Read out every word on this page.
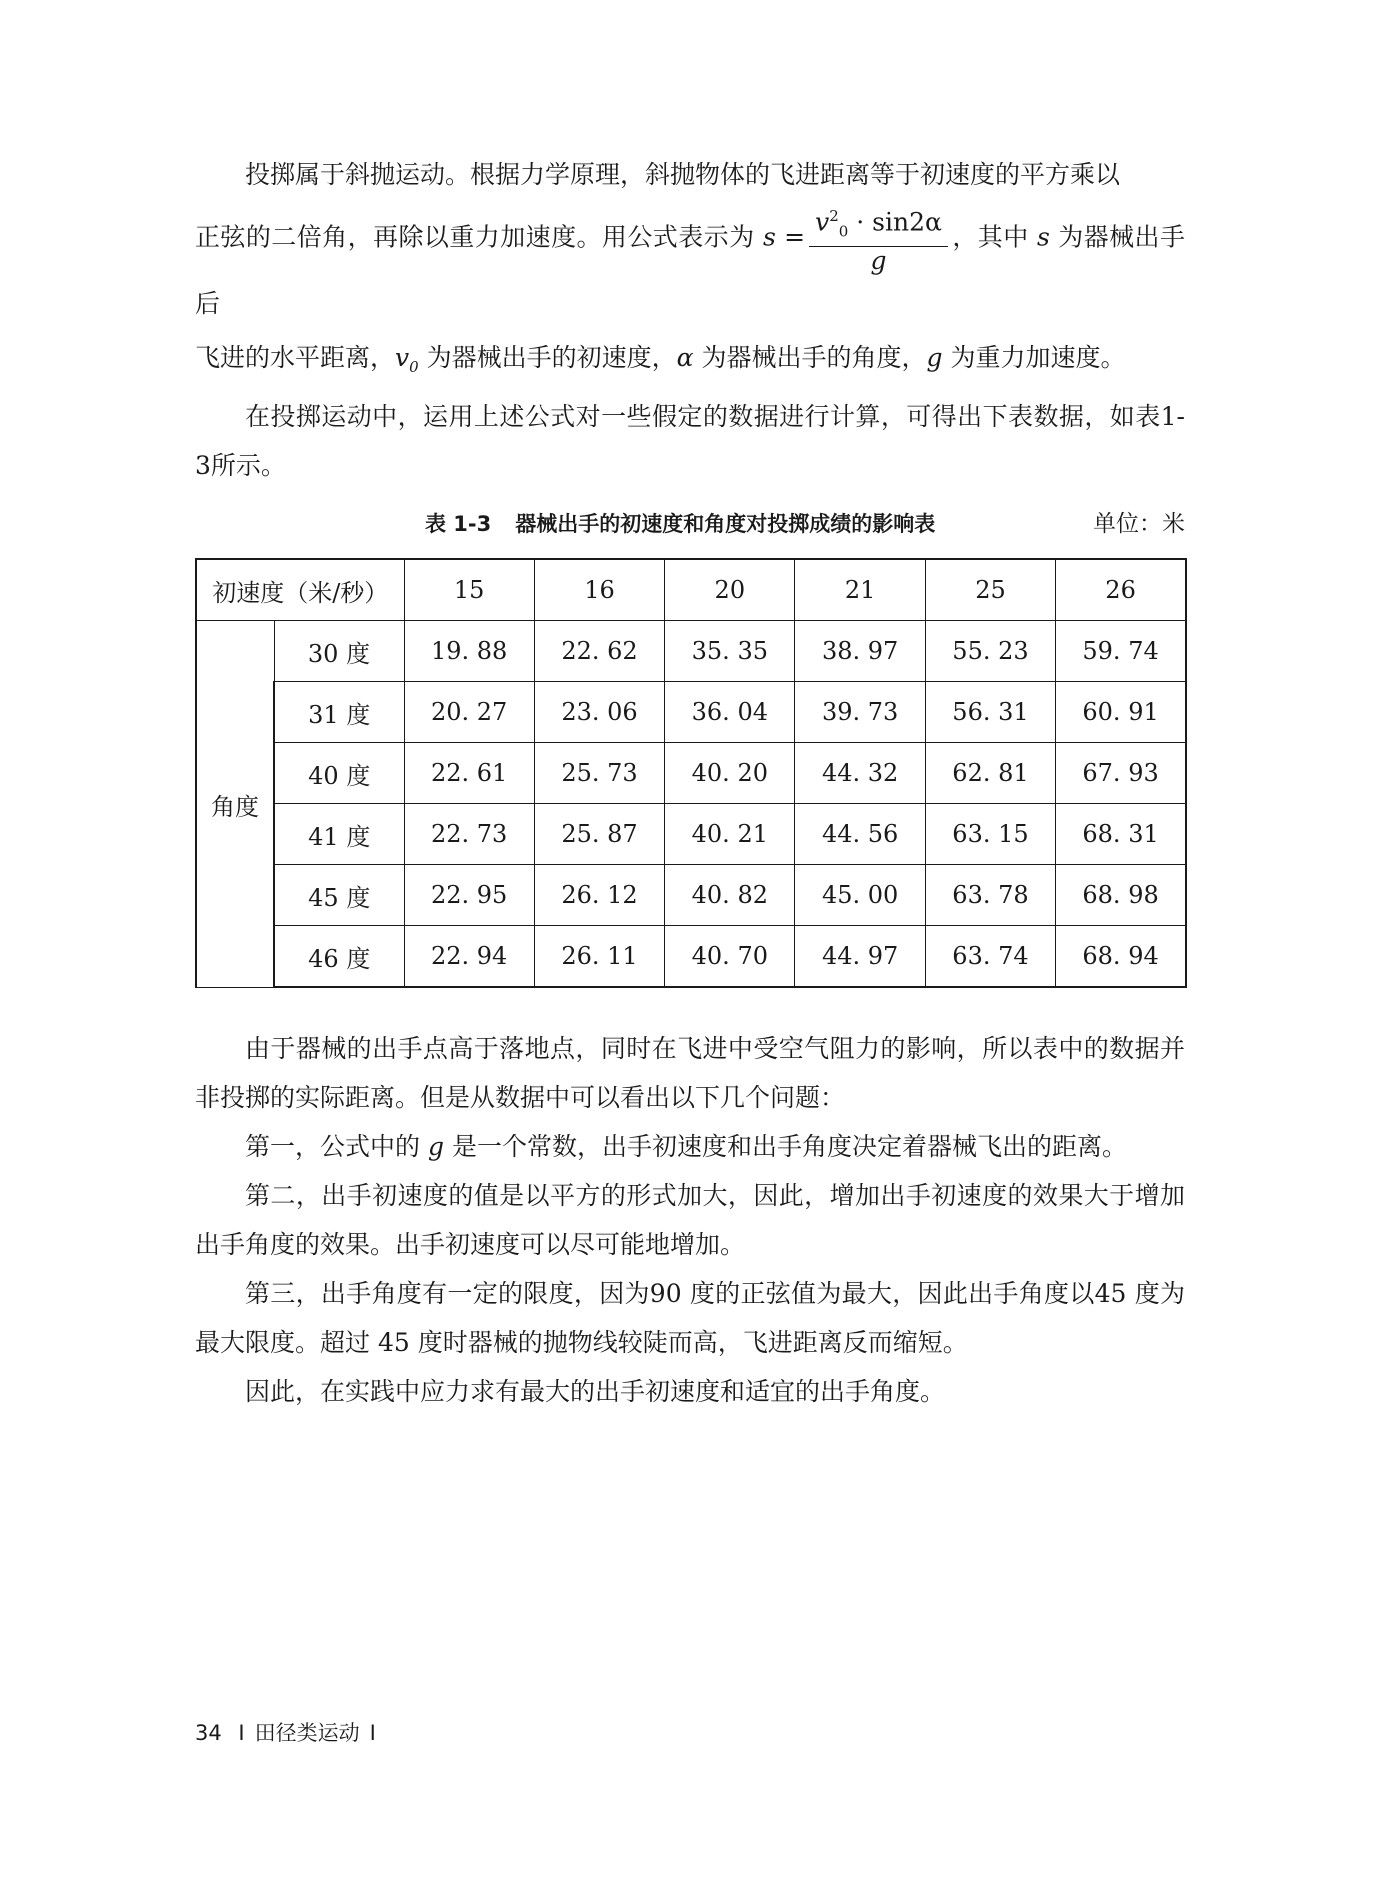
投掷属于斜抛运动。根据力学原理，斜抛物体的飞进距离等于初速度的平方乘以

正弦的二倍角，再除以重力加速度。用公式表示为 $s = \frac{v^2_0 \cdot \sin 2\alpha}{g}$ ，其中 s 为器械出手后

飞进的水平距离，$v_0$ 为器械出手的初速度，α 为器械出手的角度，g 为重力加速度。

在投掷运动中，运用上述公式对一些假定的数据进行计算，可得出下表数据，如表1-3所示。

表 1-3 器械出手的初速度和角度对投掷成绩的影响表	单位：米
初速度（米/秒）		15	16	20	21	25	26
角度	30 度	19. 88	22. 62	35. 35	38. 97	55. 23	59. 74
	31 度	20. 27	23. 06	36. 04	39. 73	56. 31	60. 91
	40 度	22. 61	25. 73	40. 20	44. 32	62. 81	67. 93
	41 度	22. 73	25. 87	40. 21	44. 56	63. 15	68. 31
	45 度	22. 95	26. 12	40. 82	45. 00	63. 78	68. 98
	46 度	22. 94	26. 11	40. 70	44. 97	63. 74	68. 94

由于器械的出手点高于落地点，同时在飞进中受空气阻力的影响，所以表中的数据并非投掷的实际距离。但是从数据中可以看出以下几个问题：

第一，公式中的 g 是一个常数，出手初速度和出手角度决定着器械飞出的距离。

第二，出手初速度的值是以平方的形式加大，因此，增加出手初速度的效果大于增加出手角度的效果。出手初速度可以尽可能地增加。

第三，出手角度有一定的限度，因为90 度的正弦值为最大，因此出手角度以45 度为最大限度。超过 45 度时器械的抛物线较陡而高，飞进距离反而缩短。

因此，在实践中应力求有最大的出手初速度和适宜的出手角度。

34 I 田径类运动 I
